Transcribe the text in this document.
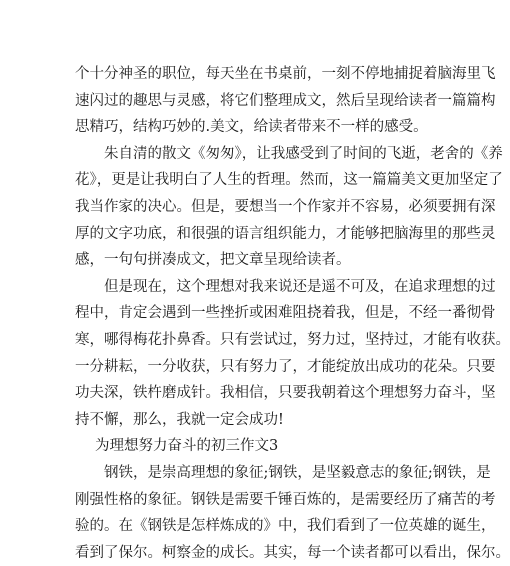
个十分神圣的职位，每天坐在书桌前，一刻不停地捕捉着脑海里飞
速闪过的趣思与灵感，将它们整理成文，然后呈现给读者一篇篇构
思精巧，结构巧妙的.美文，给读者带来不一样的感受。
朱自清的散文《匆匆》，让我感受到了时间的飞逝，老舍的《养
花》，更是让我明白了人生的哲理。然而，这一篇篇美文更加坚定了
我当作家的决心。但是，要想当一个作家并不容易，必须要拥有深
厚的文字功底，和很强的语言组织能力，才能够把脑海里的那些灵
感，一句句拼凑成文，把文章呈现给读者。
但是现在，这个理想对我来说还是遥不可及，在追求理想的过
程中，肯定会遇到一些挫折或困难阻挠着我，但是，不经一番彻骨
寒，哪得梅花扑鼻香。只有尝试过，努力过，坚持过，才能有收获。
一分耕耘，一分收获，只有努力了，才能绽放出成功的花朵。只要
功夫深，铁杵磨成针。我相信，只要我朝着这个理想努力奋斗，坚
持不懈，那么，我就一定会成功!
为理想努力奋斗的初三作文3
钢铁，是崇高理想的象征;钢铁，是坚毅意志的象征;钢铁，是
刚强性格的象征。钢铁是需要千锤百炼的，是需要经历了痛苦的考
验的。在《钢铁是怎样炼成的》中，我们看到了一位英雄的诞生，
看到了保尔。柯察金的成长。其实，每一个读者都可以看出，保尔。
